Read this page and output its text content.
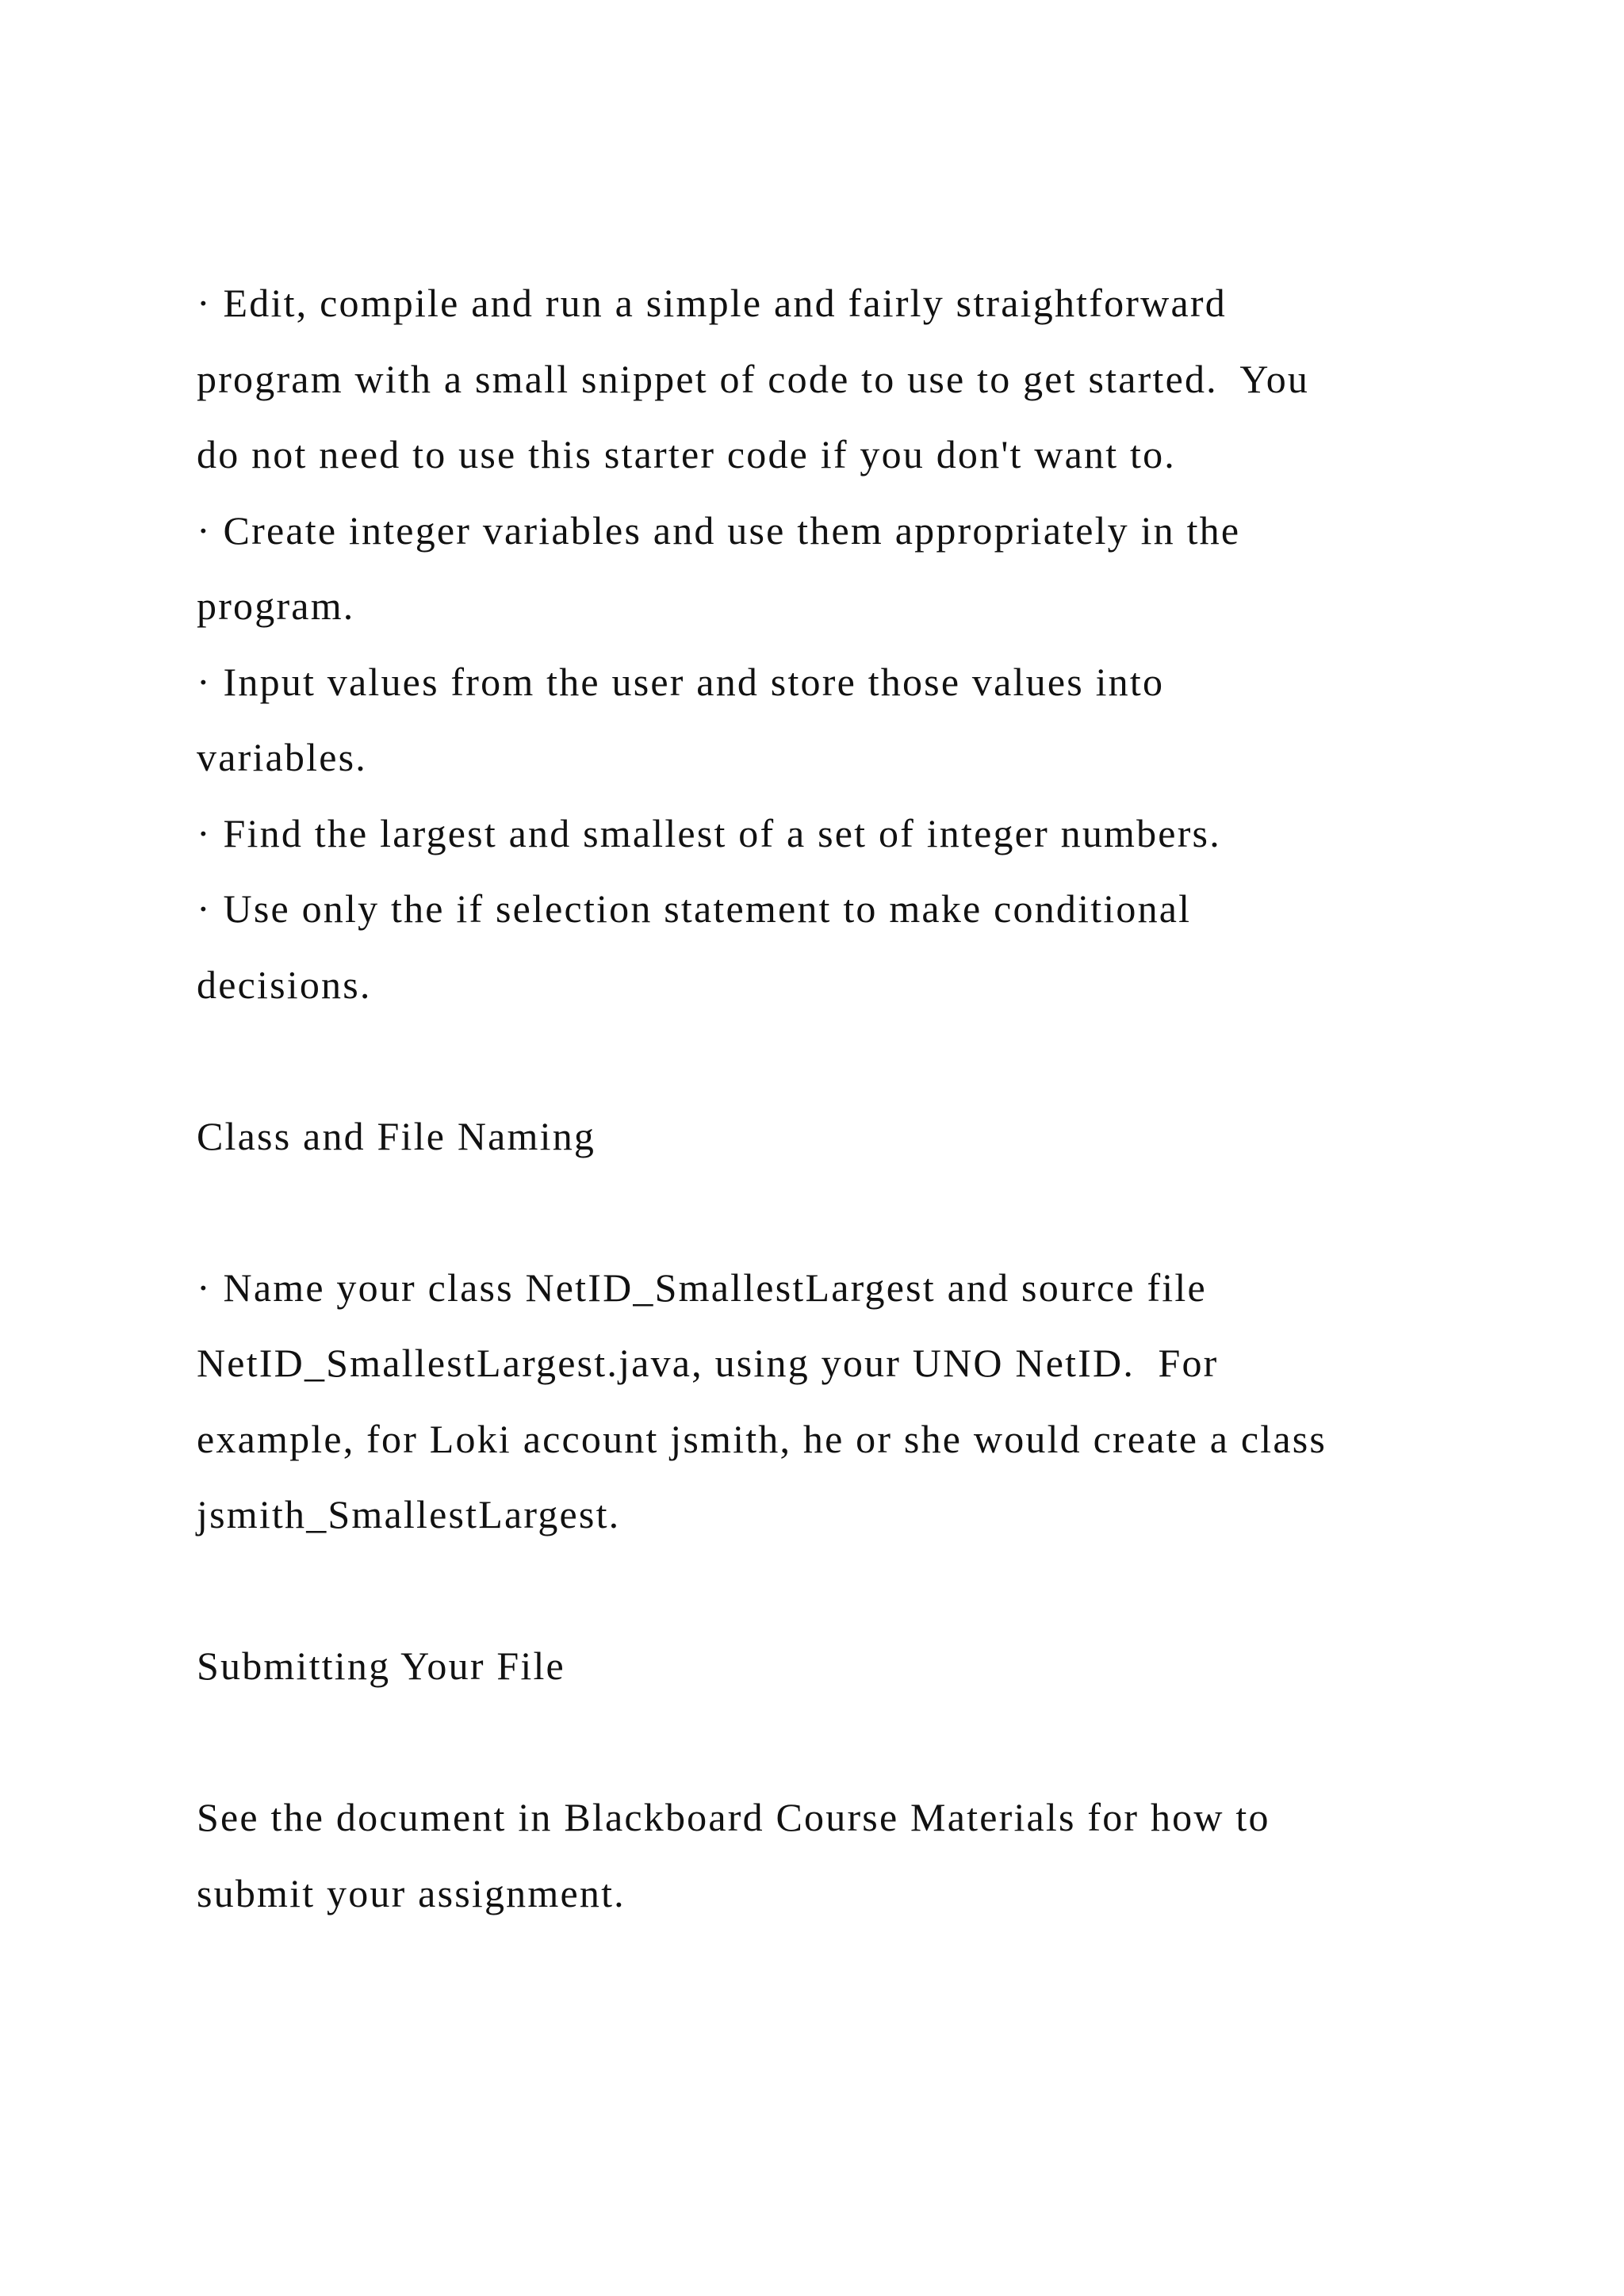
· Edit, compile and run a simple and fairly straightforward
program with a small snippet of code to use to get started.  You
do not need to use this starter code if you don't want to.
· Create integer variables and use them appropriately in the
program.
· Input values from the user and store those values into
variables.
· Find the largest and smallest of a set of integer numbers.
· Use only the if selection statement to make conditional
decisions.
Class and File Naming
· Name your class NetID_SmallestLargest and source file
NetID_SmallestLargest.java, using your UNO NetID.  For
example, for Loki account jsmith, he or she would create a class
jsmith_SmallestLargest.
Submitting Your File
See the document in Blackboard Course Materials for how to
submit your assignment.
